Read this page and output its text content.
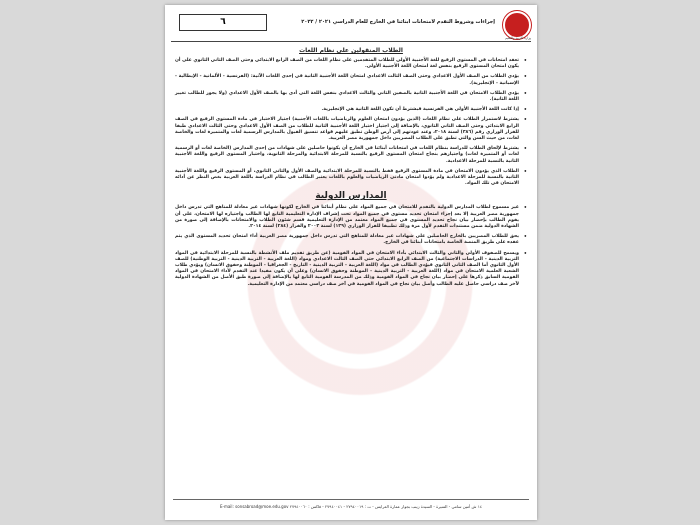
٦	إجراءات وشروط التقدم لامتحانات أبنائنا في الخارج للعام الدراسي ٢٠٢١ / ٢٠٢٢
وزارة التربية والتعليم
الطلاب المنقولين على نظام اللغات
•
تعقد امتحانات في المستوى الرفيع للغة الأجنبية الأولى للطلاب المتقدمين على نظام اللغات من الصف الرابع الابتدائي وحتى الصف الثاني الثانوي على أن يكون امتحان المستوى الرفيع بنفس لغة امتحان اللغة الأجنبية الأولى.
•
يؤدي الطلاب من الصف الأول الاعدادي وحتى الصف الثالث الاعدادي امتحان اللغة الأجنبية الثانية في إحدى اللغات الآتية: (الفرنسية - الألمانية - الإيطالية - الإسبانية - الإنجليزية).
•
يؤدي الطلاب الامتحان في اللغة الأجنبية الثانية بالصفين الثاني والثالث الاعدادي بنفس اللغة التي أدى بها بالصف الأول الاعدادي (ولا يجوز للطالب تغيير اللغة الثانية).
•
إذا كانت اللغة الأجنبية الأولى هي الفرنسية فبشترط أن تكون اللغة الثانية هي الإنجليزية.
•
يشترط لاستمرار الطلاب على نظام اللغات (الذين يؤدون امتحان العلوم والرياضيات باللغات الأجنبية) اجتياز الاختبار في مادة المستوى الرفيع في الصف الرابع الابتدائي وحتى الصف الثاني الثانوي، بالإضافة إلى اجتياز اختبار اللغة الأجنبية الثانية للطلاب من الصف الأول الاعدادي وحتى الثالث الاعدادي طبقا للقرار الوزاري رقم (٣٨٦) لسنة ٢٠١٨، وعند عودتهم إلى أرض الوطن تطبق عليهم قواعد تنسيق القبول بالمدارس الرسمية لغات والمتميزة لغات والخاصة لغات، من حيث السن والتي تطبق على الطلاب المصريين داخل جمهورية مصر العربية.
•
يشترط لإلحاق الطلاب للدراسة بنظام اللغات في امتحانات أبنائنا في الخارج أن يكونوا حاصلين على شهادات من إحدى المدارس (الخاصة لغات أو الرسمية لغات أو المتميزة لغات) واجتيازهم بنجاح امتحان المستوى الرفيع بالنسبة للمرحلة الابتدائية والمرحلة الثانوية، واختبار المستوى الرفيع واللغة الأجنبية الثانية بالنسبة للمرحلة الاعدادية.
•
الطلاب الذي يؤدون الامتحان في مادة المستوى الرفيع فقط بالنسبة للمرحلة الابتدائية والصف الأول والثاني الثانوي، أو المستوى الرفيع واللغة الأجنبية الثانية بالنسبة للمرحلة الاعدادية ولم يؤدوا امتحان مادتي الرياضيات والعلوم باللغات يعتبر الطالب في نظام الدراسة باللغة العربية بغض النظر عن أدائه الامتحان في تلك المواد.
المدارس الدولية
•
غير مسموح لطلاب المدارس الدولية بالتقدم للامتحان في جميع المواد على نظام أبنائنا في الخارج لكونها شهادات غير معادلة للمناهج التي تدرس داخل جمهورية مصر العربية إلا بعد إجراء امتحان تحديد مستوى في جميع المواد تحت إشراف الإدارة التعليمية التابع لها الطالب واجتيازه لها الامتحان، على أن يقوم الطالب بإحضار بيان نجاح تحديد المستوى في جميع المواد معتمد من الإدارة التعليمية قسم شئون الطلاب والامتحانات بالإضافة إلى صورة من الشهادة الدولية ضمن مستندات التقدم لأول مرة وذلك تطبيقا للقرار الوزاري (١٣٩) لسنة ٢٠٠٣ والقرار (٢٨٤) لسنة ٢٠١٤.
•
يحق للطلاب المصريين بالخارج الحاصلين على شهادات غير معادلة للمناهج التي تدرس داخل جمهورية مصر العربية أداء امتحان تحديد المستوى الذي يتم عقده على طريق المنصة الخاصة بامتحانات أبنائنا في الخارج.
•
ويسمح للصفوف الأولى والثاني والثالث الابتدائي بأداء الامتحان في المواد القومية (عن طريق تقديم ملف الأنشطة بالنسبة للمرحلة الابتدائية في المواد التربية الدينية - الدراسات الاجتماعية) من الصف الرابع الابتدائي حتى الصف الثالث الاعدادي ومواد (اللغة العربية - التربية الدينية - التربية الوطنية) للصف الأول الثانوي أما الصف الثاني الثانوي فيؤدي الطالب في مواد (اللغة العربية - التربية الدينية - التاريخ - الجغرافيا - الموطنة وحقوق الانسان) ويؤدي طلاب الشعبة العلمية الامتحان في مواد (اللغة العربية - التربية الدينية - الموطنة وحقوق الانسان) وعلى أن يكون مقيدا عند التقدم لأداء الامتحان في المواد القومية السابق ذكرها على إحضار بيان نجاح في المواد القومية وذلك من المدرسة القومية التابع لها بالإضافة إلى صورة طبق الأصل من الشهادة الدولية لآخر صف دراسي حاصل عليه الطالب وأصل بيان نجاح في المواد القومية في آخر صف دراسي معتمد من الإدارة التعليمية.
١٤ ش أمين سامي - المنيرة - السيدة زينب بجوار عمارة العرايس - ت : ٢٧٩٤٠٠١٩ - ٢٧٩٤٠٠٤١ - فاكس : ٢٧٩٤٠٠٦٠ E-mail: sonsabroad@moe.edu.gov
